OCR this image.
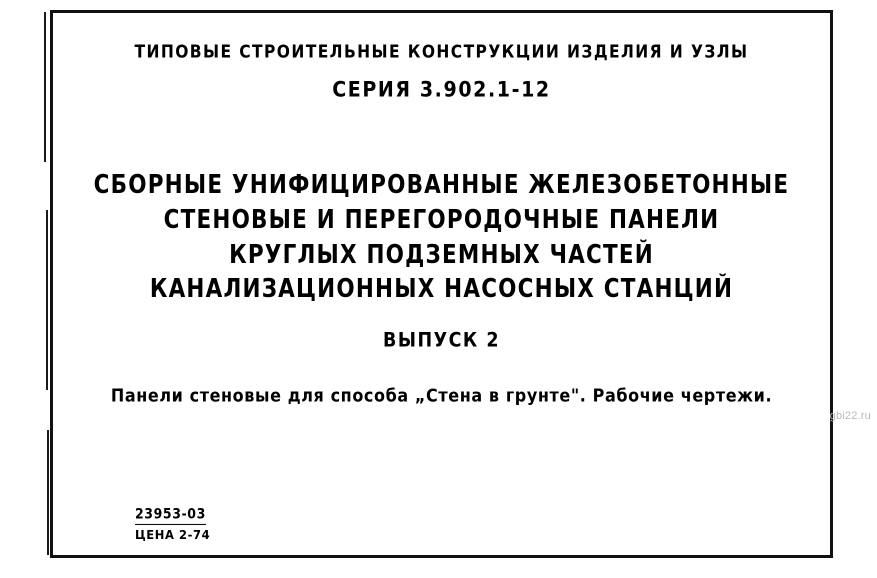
ТИПОВЫЕ СТРОИТЕЛЬНЫЕ КОНСТРУКЦИИ ИЗДЕЛИЯ И УЗЛЫ
СЕРИЯ 3.902.1-12
СБОРНЫЕ УНИФИЦИРОВАННЫЕ ЖЕЛЕЗОБЕТОННЫЕ
СТЕНОВЫЕ И ПЕРЕГОРОДОЧНЫЕ ПАНЕЛИ
КРУГЛЫХ ПОДЗЕМНЫХ ЧАСТЕЙ
КАНАЛИЗАЦИОННЫХ НАСОСНЫХ СТАНЦИЙ
ВЫПУСК 2
Панели стеновые для способа „Стена в грунте". Рабочие чертежи.
23953-03
ЦЕНА 2-74
gbi22.ru
